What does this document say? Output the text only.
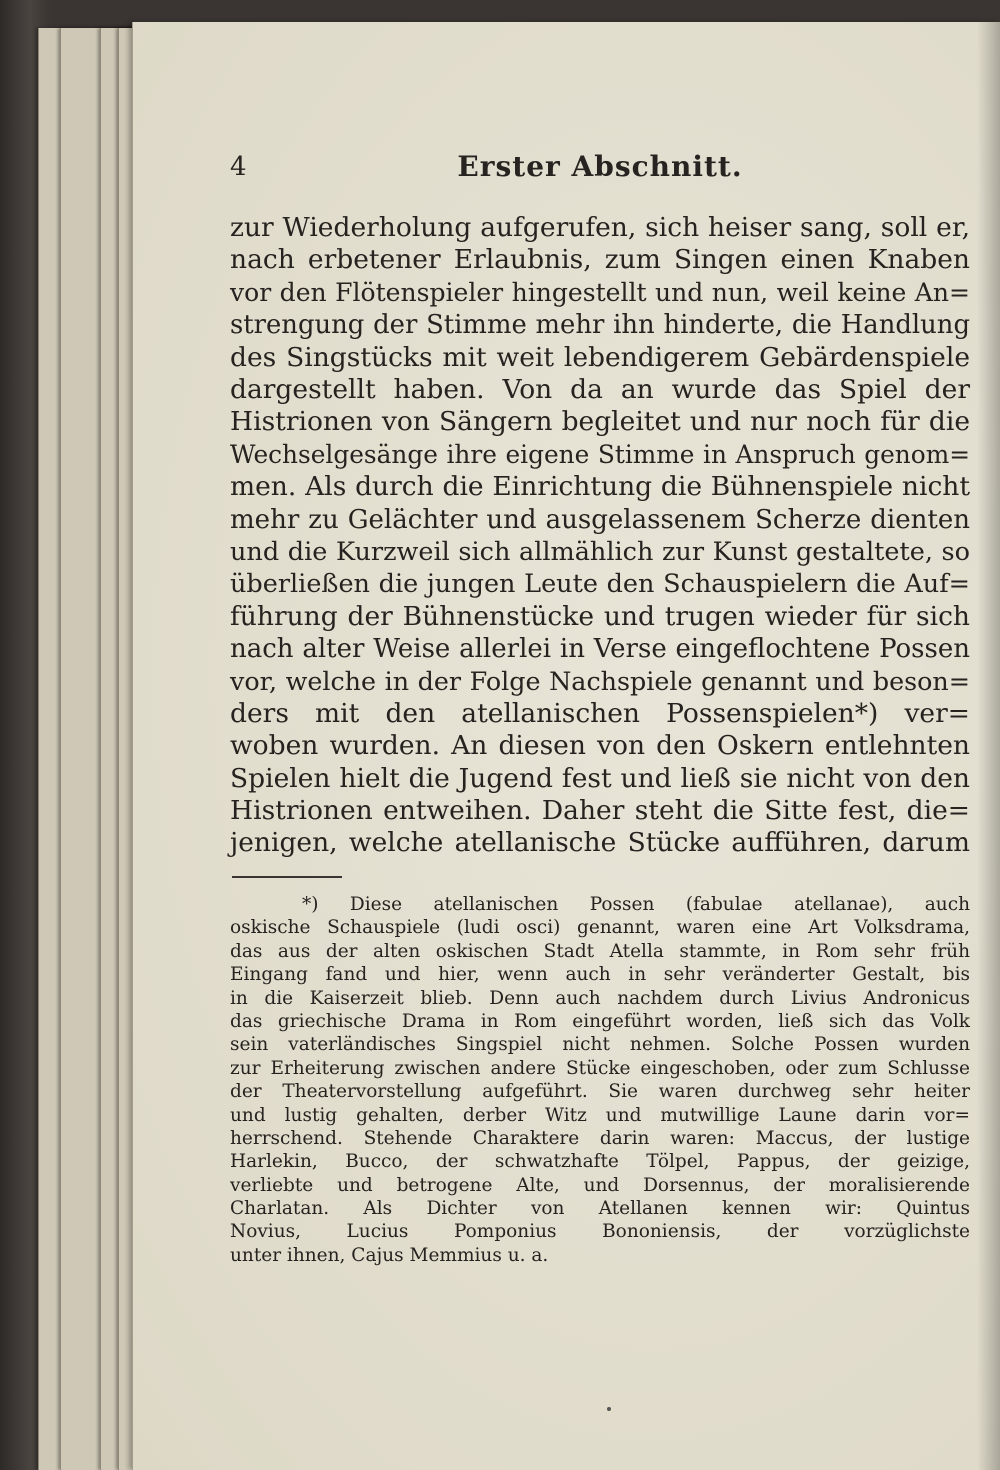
4	Erster Abschnitt.
zur Wiederholung aufgerufen, sich heiser sang, soll er,
nach erbetener Erlaubnis, zum Singen einen Knaben
vor den Flötenspieler hingestellt und nun, weil keine An=
strengung der Stimme mehr ihn hinderte, die Handlung
des Singstücks mit weit lebendigerem Gebärdenspiele
dargestellt haben. Von da an wurde das Spiel der
Histrionen von Sängern begleitet und nur noch für die
Wechselgesänge ihre eigene Stimme in Anspruch genom=
men. Als durch die Einrichtung die Bühnenspiele nicht
mehr zu Gelächter und ausgelassenem Scherze dienten
und die Kurzweil sich allmählich zur Kunst gestaltete, so
überließen die jungen Leute den Schauspielern die Auf=
führung der Bühnenstücke und trugen wieder für sich
nach alter Weise allerlei in Verse eingeflochtene Possen
vor, welche in der Folge Nachspiele genannt und beson=
ders mit den atellanischen Possenspielen*) ver=
woben wurden. An diesen von den Oskern entlehnten
Spielen hielt die Jugend fest und ließ sie nicht von den
Histrionen entweihen. Daher steht die Sitte fest, die=
jenigen, welche atellanische Stücke aufführen, darum
*) Diese atellanischen Possen (fabulae atellanae), auch
oskische Schauspiele (ludi osci) genannt, waren eine Art Volksdrama,
das aus der alten oskischen Stadt Atella stammte, in Rom sehr früh
Eingang fand und hier, wenn auch in sehr veränderter Gestalt, bis
in die Kaiserzeit blieb. Denn auch nachdem durch Livius Andronicus
das griechische Drama in Rom eingeführt worden, ließ sich das Volk
sein vaterländisches Singspiel nicht nehmen. Solche Possen wurden
zur Erheiterung zwischen andere Stücke eingeschoben, oder zum Schlusse
der Theatervorstellung aufgeführt. Sie waren durchweg sehr heiter
und lustig gehalten, derber Witz und mutwillige Laune darin vor=
herrschend. Stehende Charaktere darin waren: Maccus, der lustige
Harlekin, Bucco, der schwatzhafte Tölpel, Pappus, der geizige,
verliebte und betrogene Alte, und Dorsennus, der moralisierende
Charlatan. Als Dichter von Atellanen kennen wir: Quintus
Novius, Lucius Pomponius Bononiensis, der vorzüglichste
unter ihnen, Cajus Memmius u. a.
